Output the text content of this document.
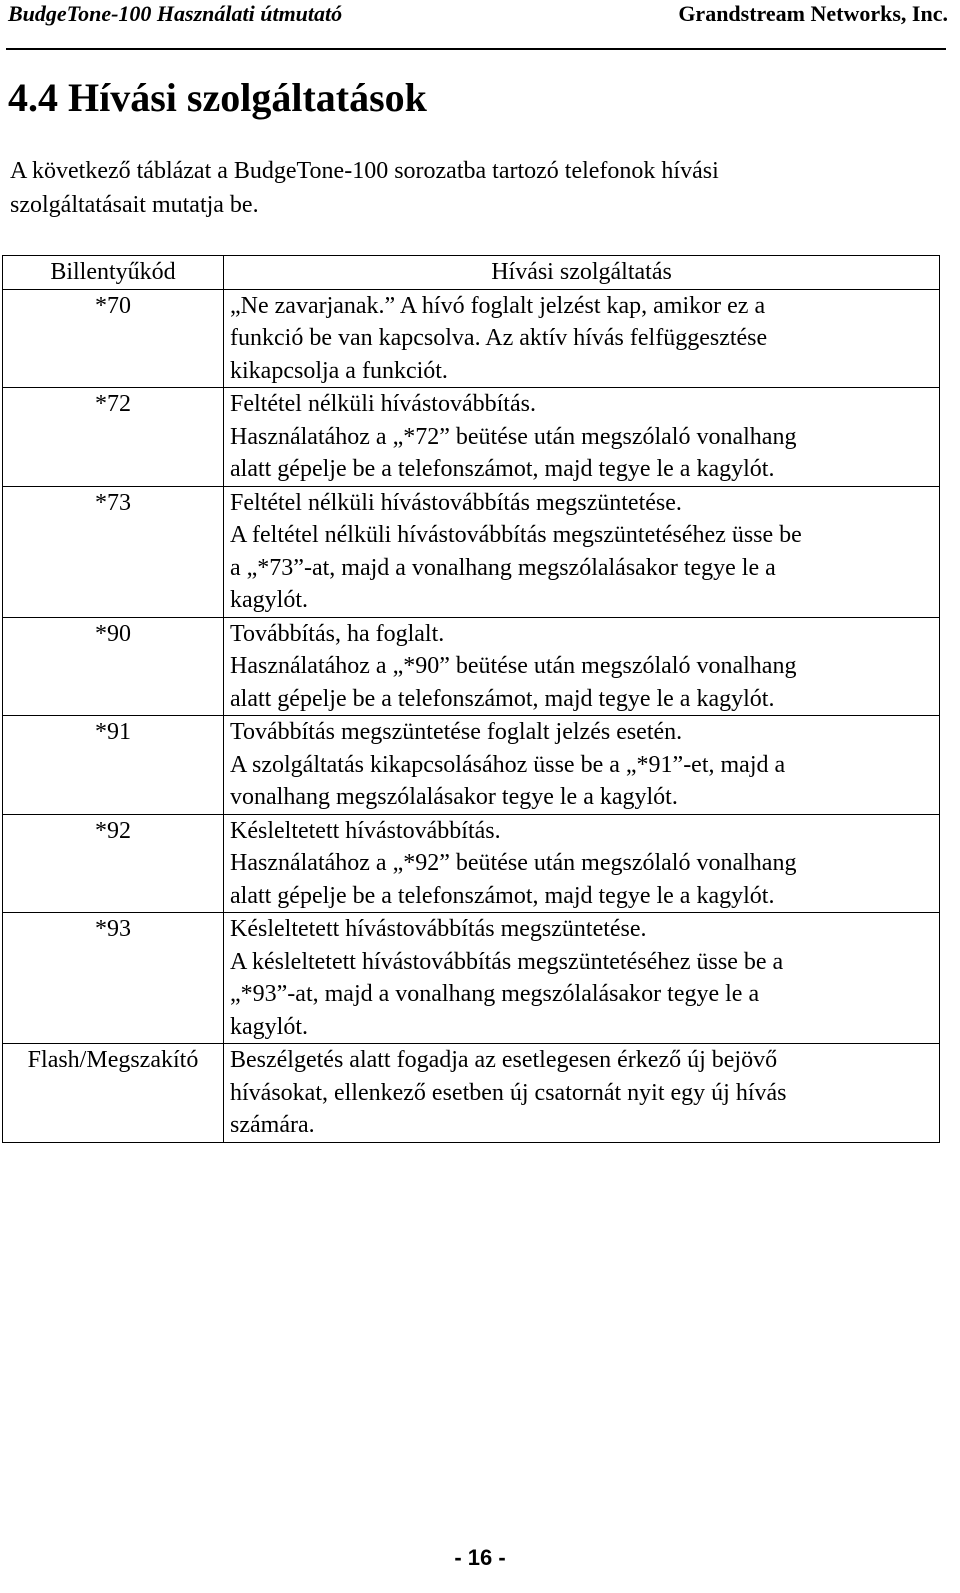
BudgeTone-100 Használati útmutató	Grandstream Networks, Inc.
4.4 Hívási szolgáltatások

A következő táblázat a BudgeTone-100 sorozatba tartozó telefonok hívási
szolgáltatásait mutatja be.

Billentyűkód	Hívási szolgáltatás
*70	„Ne zavarjanak.” A hívó foglalt jelzést kap, amikor ez a
funkció be van kapcsolva. Az aktív hívás felfüggesztése
kikapcsolja a funkciót.

*72	Feltétel nélküli hívástovábbítás.
Használatához a „*72” beütése után megszólaló vonalhang
alatt gépelje be a telefonszámot, majd tegye le a kagylót.

*73	Feltétel nélküli hívástovábbítás megszüntetése.
A feltétel nélküli hívástovábbítás megszüntetéséhez üsse be
a „*73”-at, majd a vonalhang megszólalásakor tegye le a
kagylót.

*90	Továbbítás, ha foglalt.
Használatához a „*90” beütése után megszólaló vonalhang
alatt gépelje be a telefonszámot, majd tegye le a kagylót.

*91	Továbbítás megszüntetése foglalt jelzés esetén.
A szolgáltatás kikapcsolásához üsse be a „*91”-et, majd a
vonalhang megszólalásakor tegye le a kagylót.

*92	Késleltetett hívástovábbítás.
Használatához a „*92” beütése után megszólaló vonalhang
alatt gépelje be a telefonszámot, majd tegye le a kagylót.

*93	Késleltetett hívástovábbítás megszüntetése.
A késleltetett hívástovábbítás megszüntetéséhez üsse be a
„*93”-at, majd a vonalhang megszólalásakor tegye le a
kagylót.

Flash/Megszakító	Beszélgetés alatt fogadja az esetlegesen érkező új bejövő
hívásokat, ellenkező esetben új csatornát nyit egy új hívás
számára.
- 16 -
